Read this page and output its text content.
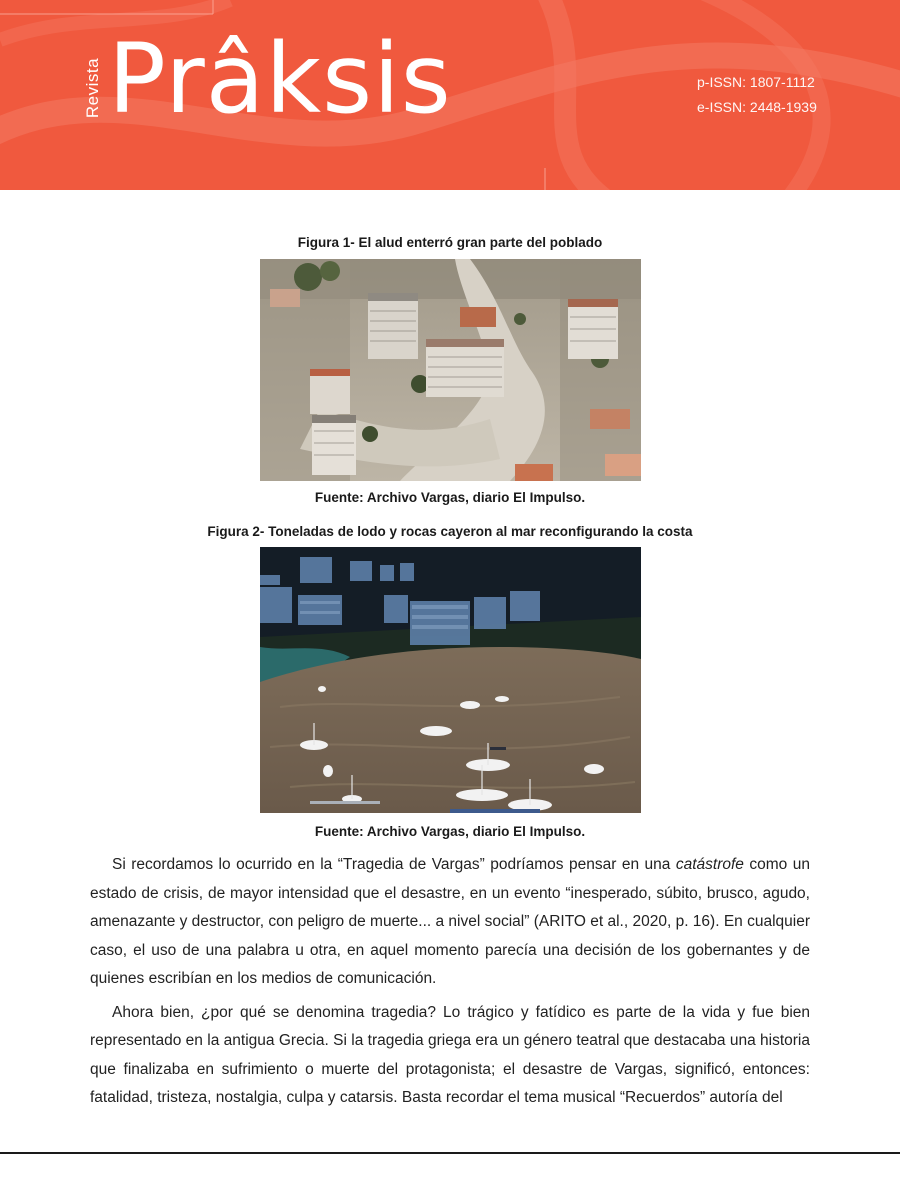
Revista Prâksis	p-ISSN: 1807-1112
e-ISSN: 2448-1939
Figura 1- El alud enterró gran parte del poblado
Fuente: Archivo Vargas, diario El Impulso.
Figura 2- Toneladas de lodo y rocas cayeron al mar reconfigurando la costa
Fuente: Archivo Vargas, diario El Impulso.

Si recordamos lo ocurrido en la “Tragedia de Vargas” podríamos pensar en una catástrofe como un estado de crisis, de mayor intensidad que el desastre, en un evento “inesperado, súbito, brusco, agudo, amenazante y destructor, con peligro de muerte... a nivel social” (ARITO et al., 2020, p. 16). En cualquier caso, el uso de una palabra u otra, en aquel momento parecía una decisión de los gobernantes y de quienes escribían en los medios de comunicación.

Ahora bien, ¿por qué se denomina tragedia? Lo trágico y fatídico es parte de la vida y fue bien representado en la antigua Grecia. Si la tragedia griega era un género teatral que destacaba una historia que finalizaba en sufrimiento o muerte del protagonista; el desastre de Vargas, significó, entonces: fatalidad, tristeza, nostalgia, culpa y catarsis. Basta recordar el tema musical “Recuerdos” autoría del
